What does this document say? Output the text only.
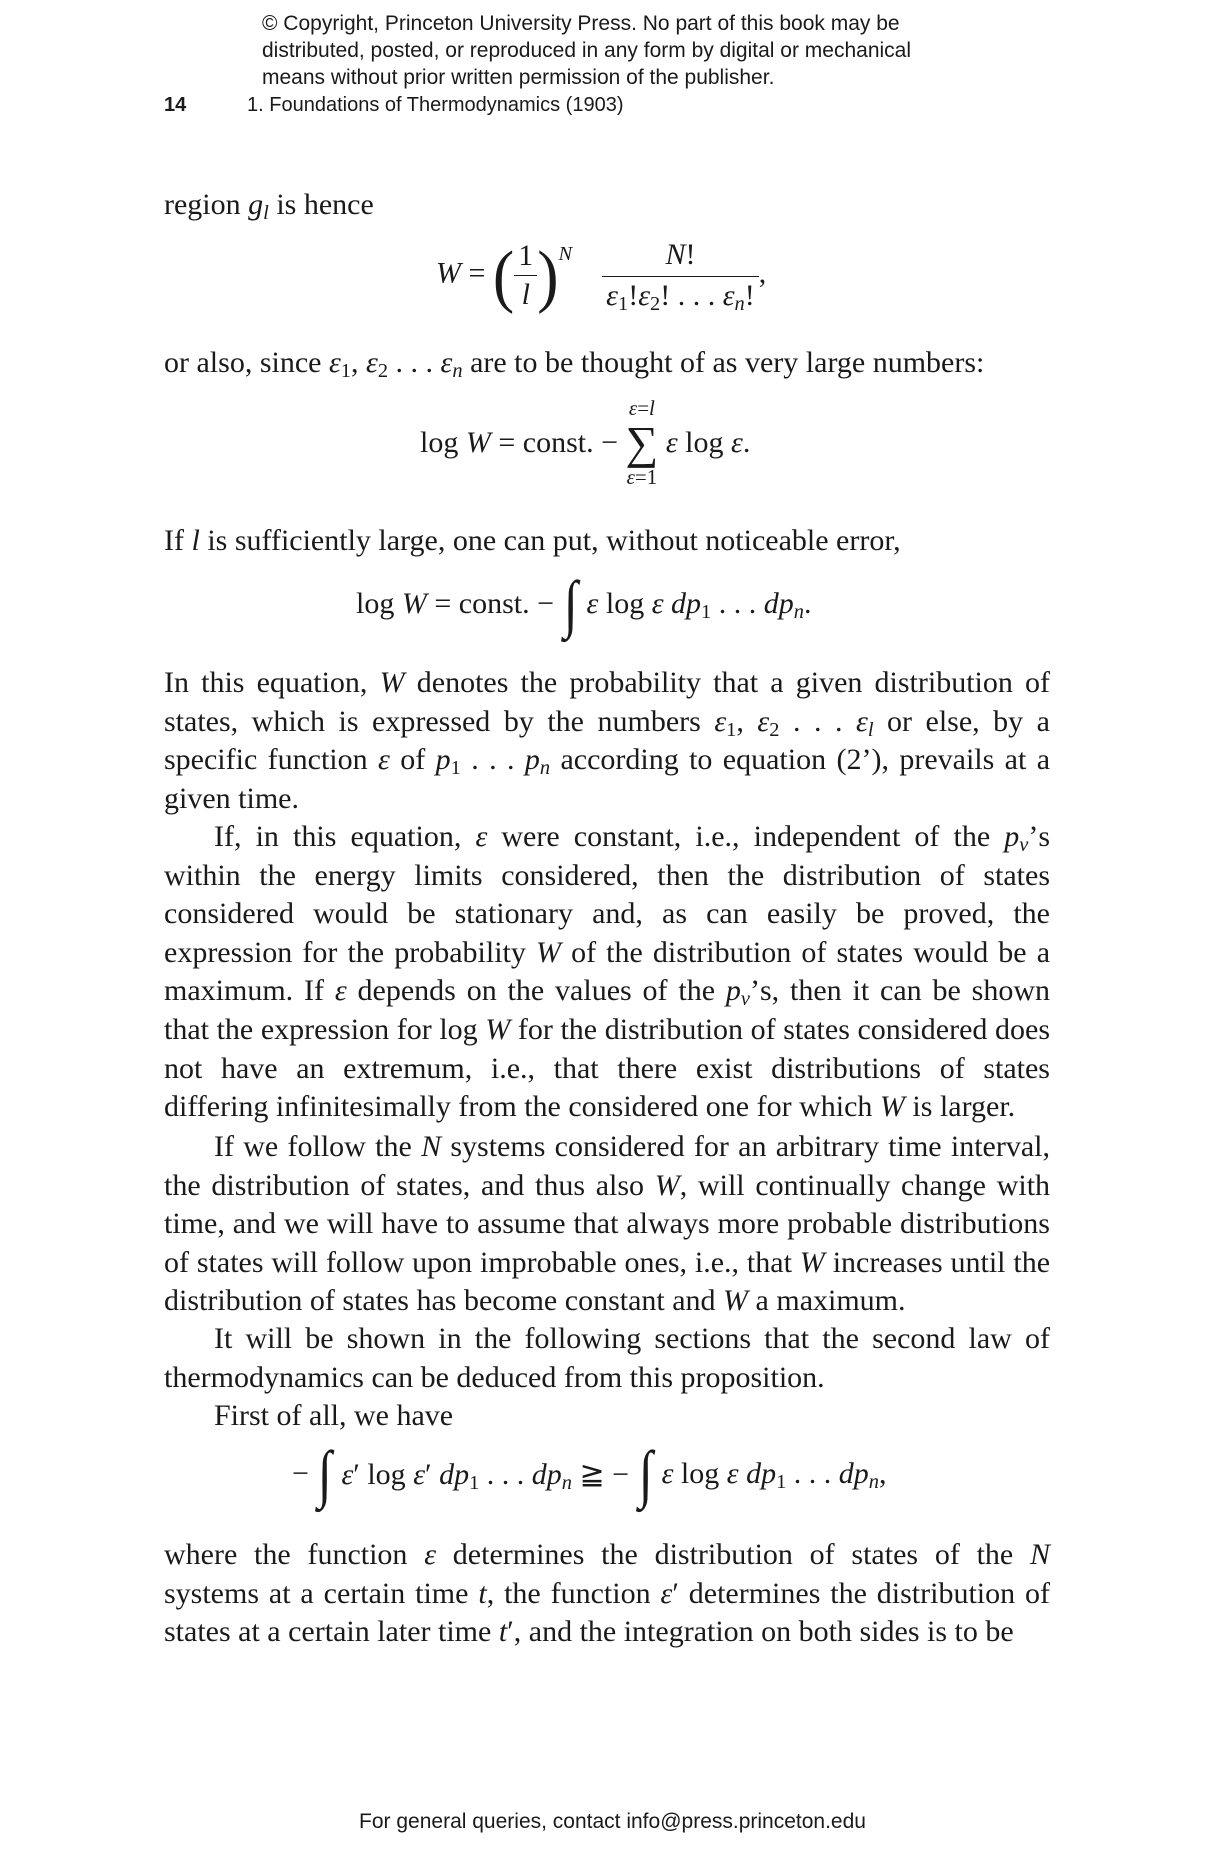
© Copyright, Princeton University Press. No part of this book may be
distributed, posted, or reproduced in any form by digital or mechanical
means without prior written permission of the publisher.
14	1. Foundations of Thermodynamics (1903)
region $g_l$ is hence
W = ( $\frac{1}{l} )^N \frac{N!}{\varepsilon_1!\varepsilon_2! . . . \varepsilon_n!}$ ,
or also, since $\varepsilon_1$, $\varepsilon_2$ . . . $\varepsilon_n$ are to be thought of as very large numbers:
log W = const. −
ε=l
∑
ε=1
ε log ε.
If l is sufficiently large, one can put, without noticeable error,
log W = const. − ∫ ε log ε $dp_1$ . . . $dp_n$.
In this equation, W denotes the probability that a given distribution of states, which is expressed by the numbers $\varepsilon_1$, $\varepsilon_2$ . . . $\varepsilon_l$ or else, by a specific function ε of $p_1$ . . . $p_n$ according to equation (2’), prevails at a given time.
If, in this equation, ε were constant, i.e., independent of the $p_\nu’s$ within the energy limits considered, then the distribution of states considered would be stationary and, as can easily be proved, the expression for the probability W of the distribution of states would be a maximum. If ε depends on the values of the $p_\nu’s$, then it can be shown that the expression for log W for the distribution of states considered does not have an extremum, i.e., that there exist distributions of states differing infinitesimally from the considered one for which W is larger.
If we follow the N systems considered for an arbitrary time interval, the distribution of states, and thus also W, will continually change with time, and we will have to assume that always more probable distributions of states will follow upon improbable ones, i.e., that W increases until the distribution of states has become constant and W a maximum.
It will be shown in the following sections that the second law of thermodynamics can be deduced from this proposition.
First of all, we have
− ∫ ε′ log ε′ $dp_1$ . . . $dp_n$ ≧ − ∫ ε log ε $dp_1$ . . . $dp_n$,
where the function ε determines the distribution of states of the N systems at a certain time t, the function ε′ determines the distribution of states at a certain later time t′, and the integration on both sides is to be
For general queries, contact info@press.princeton.edu
